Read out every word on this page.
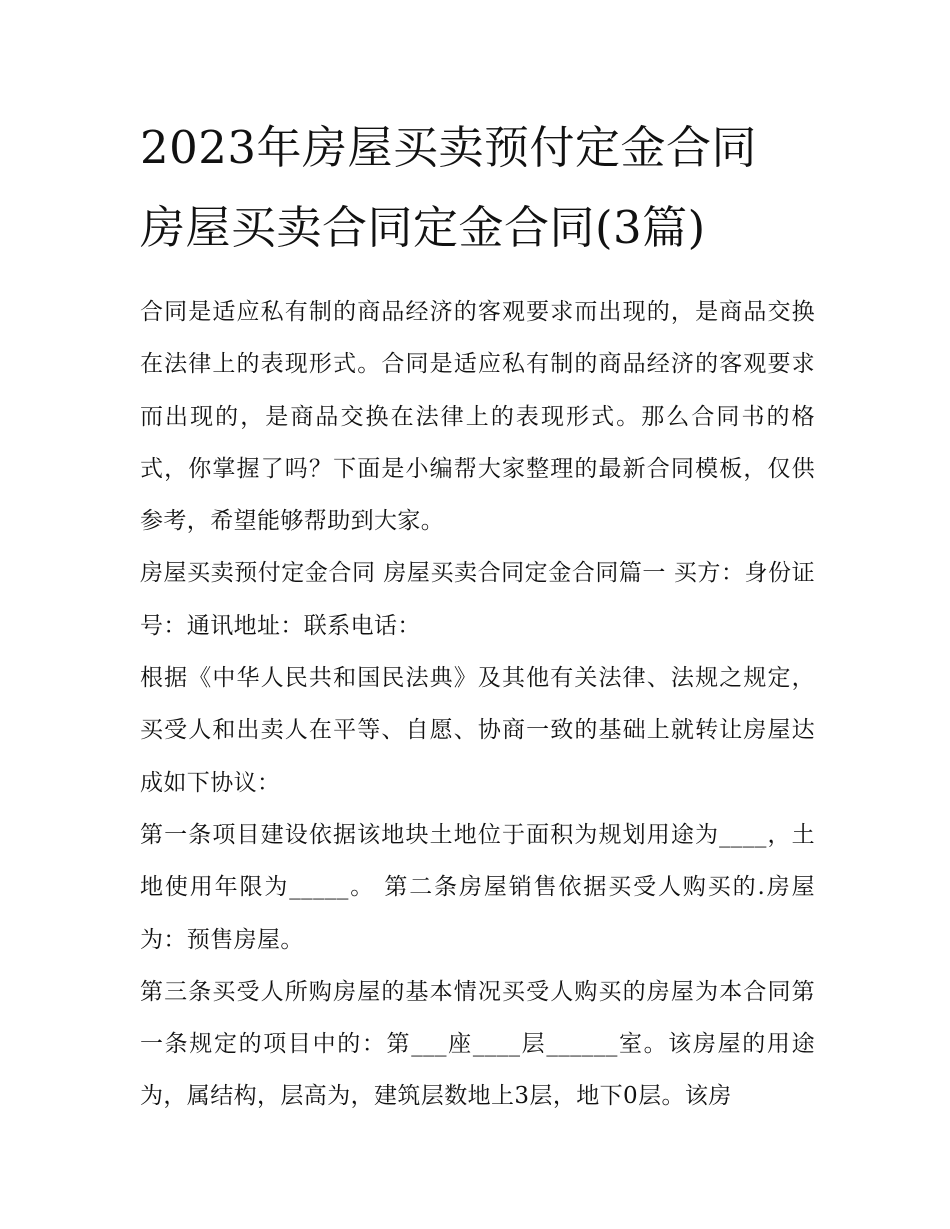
2023年房屋买卖预付定金合同
房屋买卖合同定金合同(3篇)

合同是适应私有制的商品经济的客观要求而出现的，是商品交换在法律上的表现形式。合同是适应私有制的商品经济的客观要求而出现的，是商品交换在法律上的表现形式。那么合同书的格式，你掌握了吗？下面是小编帮大家整理的最新合同模板，仅供参考，希望能够帮助到大家。

房屋买卖预付定金合同 房屋买卖合同定金合同篇一 买方：身份证号：通讯地址：联系电话：

根据《中华人民共和国民法典》及其他有关法律、法规之规定，买受人和出卖人在平等、自愿、协商一致的基础上就转让房屋达成如下协议：

第一条项目建设依据该地块土地位于面积为规划用途为____，土地使用年限为_____。 第二条房屋销售依据买受人购买的.房屋为：预售房屋。

第三条买受人所购房屋的基本情况买受人购买的房屋为本合同第一条规定的项目中的：第___座____层______室。该房屋的用途为，属结构，层高为，建筑层数地上3层，地下0层。该房
